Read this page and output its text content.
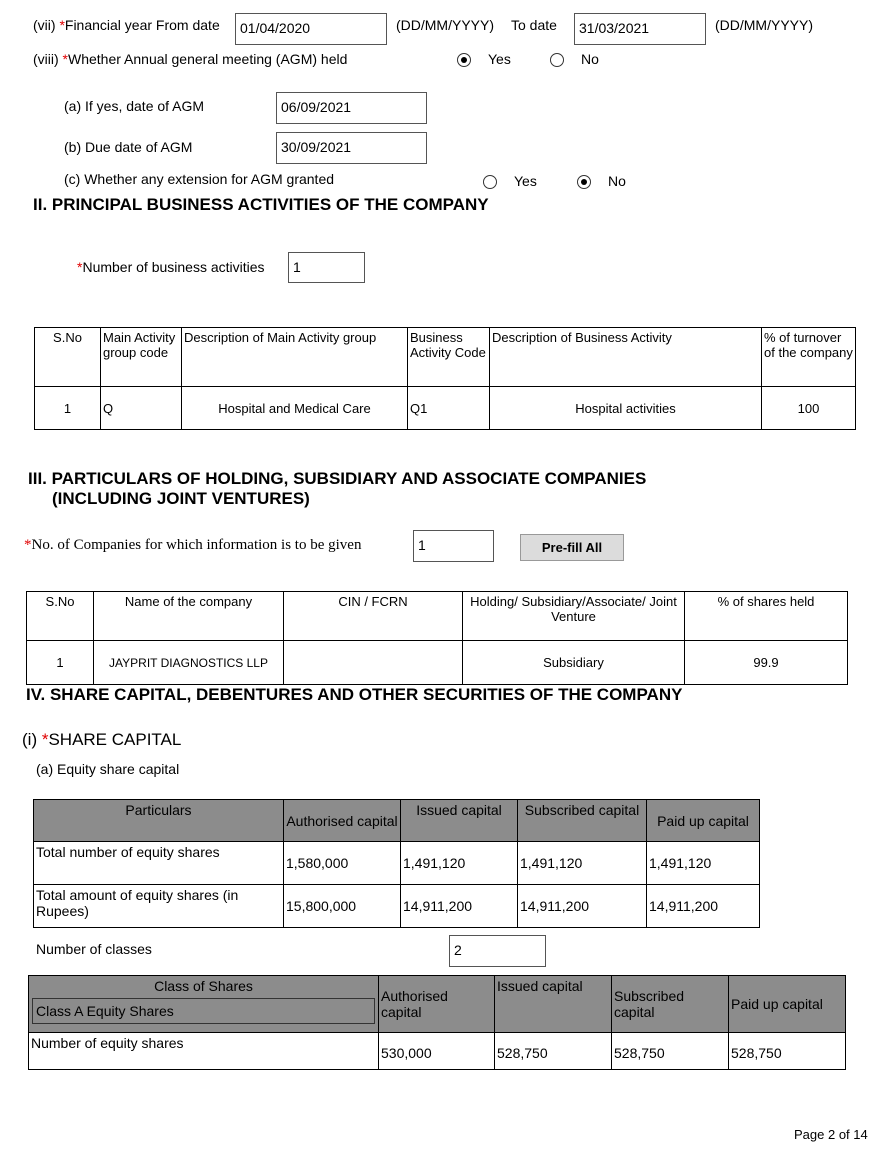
(vii) *Financial year From date	01/04/2020	(DD/MM/YYYY) To date	31/03/2021	(DD/MM/YYYY)
(viii) *Whether Annual general meeting (AGM) held	Yes	No
(a) If yes, date of AGM	06/09/2021
(b) Due date of AGM	30/09/2021
(c) Whether any extension for AGM granted	Yes	No
II. PRINCIPAL BUSINESS ACTIVITIES OF THE COMPANY
*Number of business activities	1
S.No	Main Activity group code	Description of Main Activity group	Business Activity Code	Description of Business Activity	% of turnover of the company
1	Q	Hospital and Medical Care	Q1	Hospital activities	100
III. PARTICULARS OF HOLDING, SUBSIDIARY AND ASSOCIATE COMPANIES
(INCLUDING JOINT VENTURES)
*No. of Companies for which information is to be given	1	Pre-fill All
S.No	Name of the company	CIN / FCRN	Holding/ Subsidiary/Associate/ Joint Venture	% of shares held
1	JAYPRIT DIAGNOSTICS LLP		Subsidiary	99.9
IV. SHARE CAPITAL, DEBENTURES AND OTHER SECURITIES OF THE COMPANY
(i) *SHARE CAPITAL
(a) Equity share capital
Particulars	Authorised capital	Issued capital	Subscribed capital	Paid up capital
Total number of equity shares	1,580,000	1,491,120	1,491,120	1,491,120
Total amount of equity shares (in Rupees)	15,800,000	14,911,200	14,911,200	14,911,200
Number of classes	2
Class of Shares
Class A Equity Shares	Authorised capital	Issued capital	Subscribed capital	Paid up capital
Number of equity shares	530,000	528,750	528,750	528,750
Page 2 of 14
